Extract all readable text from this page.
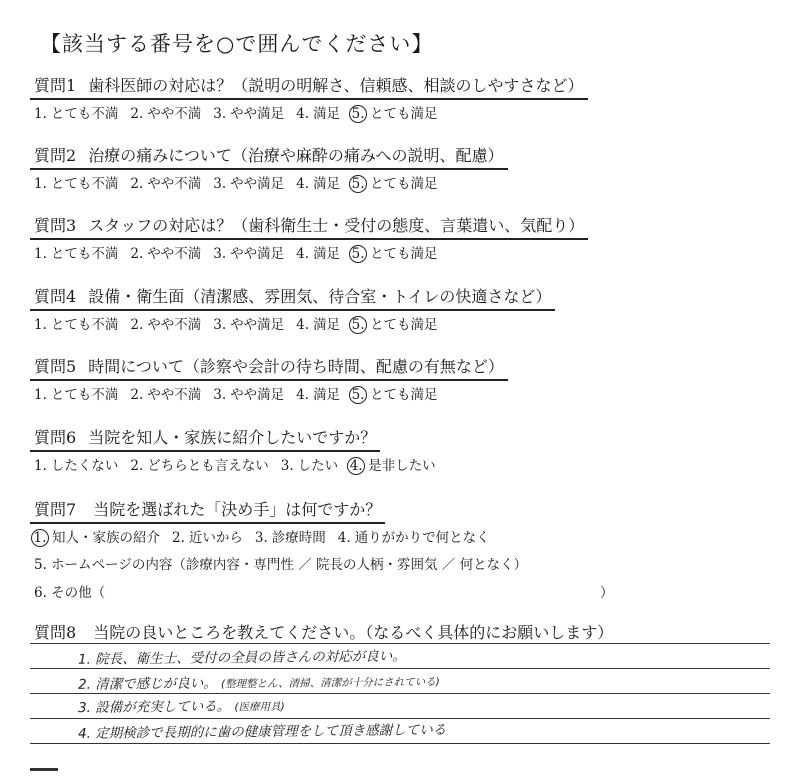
【該当する番号を○で囲んでください】
質問1 歯科医師の対応は？（説明の明解さ、信頼感、相談のしやすさなど）
1. とても不満 2. やや不満 3. やや満足 4. 満足 5. とても満足
質問2 治療の痛みについて（治療や麻酔の痛みへの説明、配慮）
1. とても不満 2. やや不満 3. やや満足 4. 満足 5. とても満足
質問3 スタッフの対応は？（歯科衛生士・受付の態度、言葉遣い、気配り）
1. とても不満 2. やや不満 3. やや満足 4. 満足 5. とても満足
質問4 設備・衛生面（清潔感、雰囲気、待合室・トイレの快適さなど）
1. とても不満 2. やや不満 3. やや満足 4. 満足 5. とても満足
質問5 時間について（診察や会計の待ち時間、配慮の有無など）
1. とても不満 2. やや不満 3. やや満足 4. 満足 5. とても満足
質問6 当院を知人・家族に紹介したいですか？
1. したくない 2. どちらとも言えない 3. したい 4. 是非したい
質問7 当院を選ばれた「決め手」は何ですか？
1. 知人・家族の紹介 2. 近いから 3. 診療時間 4. 通りがかりで何となく
5. ホームページの内容（診療内容・専門性 ／ 院長の人柄・雰囲気 ／ 何となく）
6. その他（	）
質問8 当院の良いところを教えてください。（なるべく具体的にお願いします）
1. 院長、衛生士、受付の全員の皆さんの対応が良い。
2. 清潔で感じが良い。 (整理整とん、清掃、清潔が十分にされている)
3. 設備が充実している。 (医療用具)
4. 定期検診で長期的に歯の健康管理をして頂き感謝している
